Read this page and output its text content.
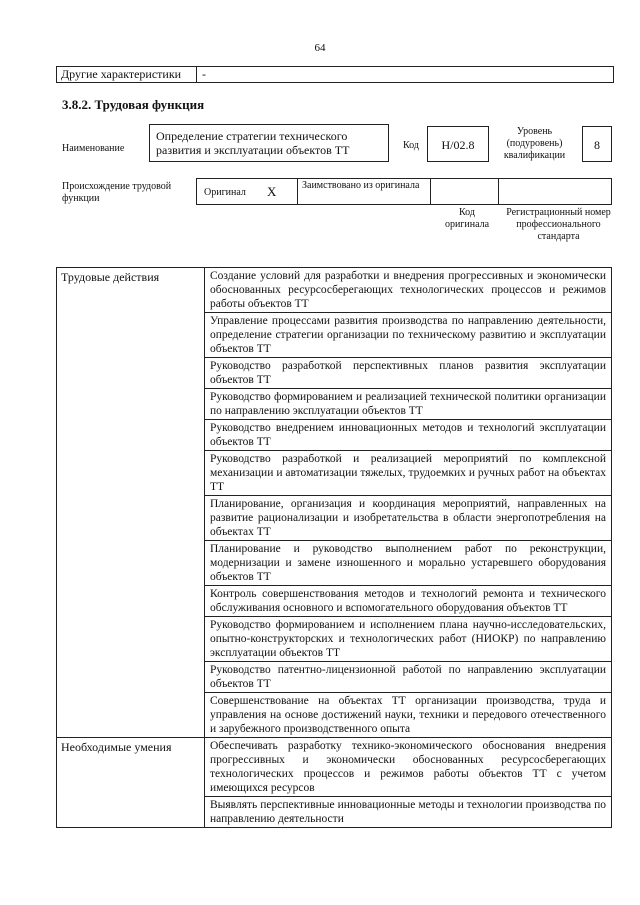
64
Другие характеристики -
3.8.2. Трудовая функция
Наименование
Определение стратегии технического развития и эксплуатации объектов ТТ	Код	Н/02.8
Уровень (подуровень) квалификации
8
Происхождение трудовой функции
Оригинал X	Заимствовано из оригинала
Код оригинала
Регистрационный номер профессионального стандарта
Трудовые действия	Создание условий для разработки и внедрения прогрессивных и экономически обоснованных ресурсосберегающих технологических процессов и режимов работы объектов ТТ
	Управление процессами развития производства по направлению деятельности, определение стратегии организации по техническому развитию и эксплуатации объектов ТТ
	Руководство разработкой перспективных планов развития эксплуатации объектов ТТ
	Руководство формированием и реализацией технической политики организации по направлению эксплуатации объектов ТТ
	Руководство внедрением инновационных методов и технологий эксплуатации объектов ТТ
	Руководство разработкой и реализацией мероприятий по комплексной механизации и автоматизации тяжелых, трудоемких и ручных работ на объектах ТТ
	Планирование, организация и координация мероприятий, направленных на развитие рационализации и изобретательства в области энергопотребления на объектах ТТ
	Планирование и руководство выполнением работ по реконструкции, модернизации и замене изношенного и морально устаревшего оборудования объектов ТТ
	Контроль совершенствования методов и технологий ремонта и технического обслуживания основного и вспомогательного оборудования объектов ТТ
	Руководство формированием и исполнением плана научно-исследовательских, опытно-конструкторских и технологических работ (НИОКР) по направлению эксплуатации объектов ТТ
	Руководство патентно-лицензионной работой по направлению эксплуатации объектов ТТ
	Совершенствование на объектах ТТ организации производства, труда и управления на основе достижений науки, техники и передового отечественного и зарубежного производственного опыта
Необходимые умения	Обеспечивать разработку технико-экономического обоснования внедрения прогрессивных и экономически обоснованных ресурсосберегающих технологических процессов и режимов работы объектов ТТ с учетом имеющихся ресурсов
	Выявлять перспективные инновационные методы и технологии производства по направлению деятельности
